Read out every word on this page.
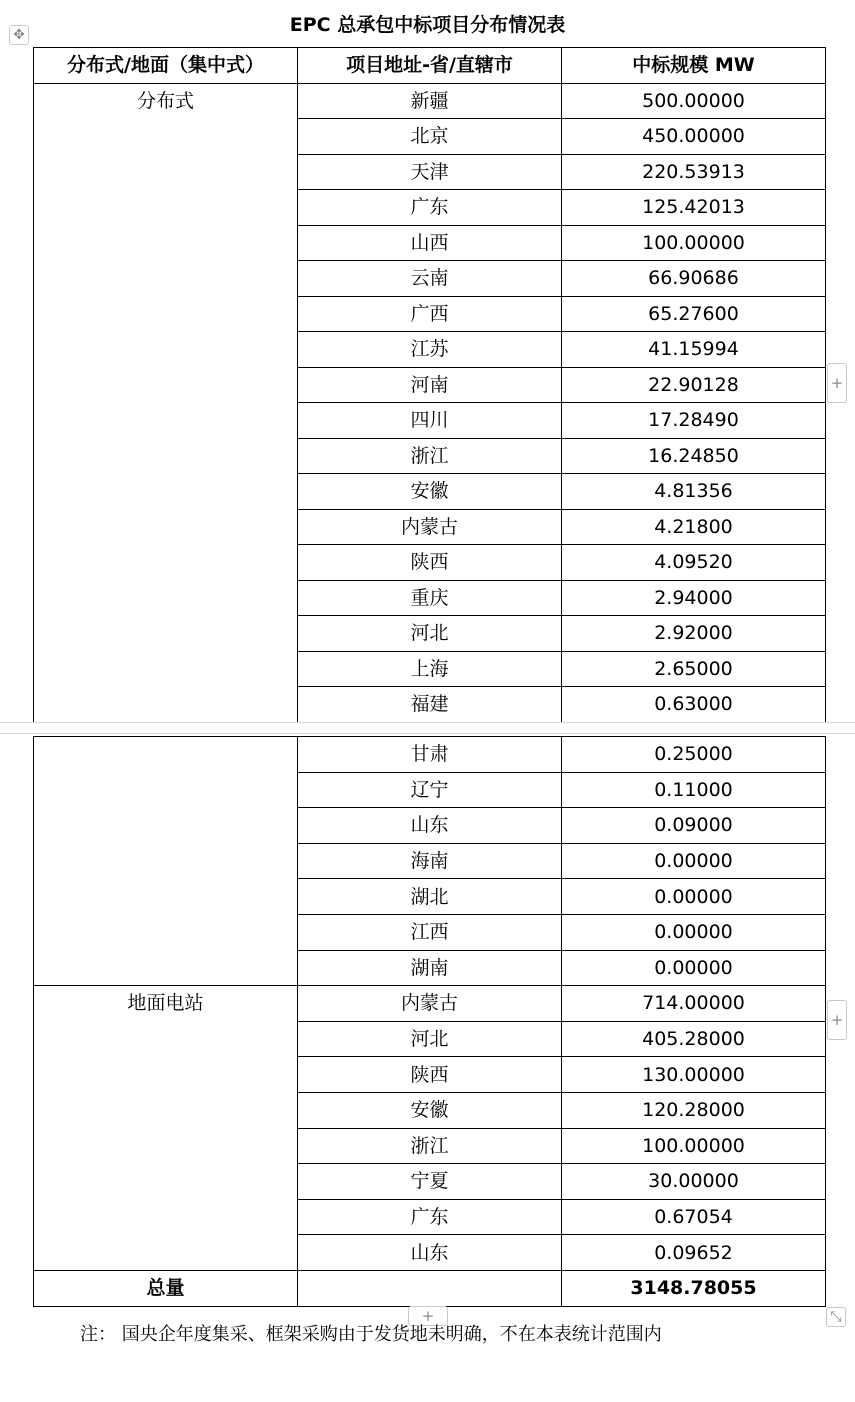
✥	EPC 总承包中标项目分布情况表
分布式/地面（集中式）	项目地址-省/直辖市	中标规模 MW
分布式	新疆	500.00000
	北京	450.00000
	天津	220.53913
	广东	125.42013
	山西	100.00000
	云南	66.90686
	广西	65.27600
	江苏	41.15994
	河南	22.90128
	四川	17.28490
	浙江	16.24850
	安徽	4.81356
	内蒙古	4.21800
	陕西	4.09520
	重庆	2.94000
	河北	2.92000
	上海	2.65000
	福建	0.63000
+
	甘肃	0.25000
	辽宁	0.11000
	山东	0.09000
	海南	0.00000
	湖北	0.00000
	江西	0.00000
	湖南	0.00000
地面电站	内蒙古	714.00000
	河北	405.28000
	陕西	130.00000
	安徽	120.28000
	浙江	100.00000
	宁夏	30.00000
	广东	0.67054
	山东	0.09652
总量		3148.78055
+
+	⤡
注： 国央企年度集采、框架采购由于发货地未明确，不在本表统计范围内
